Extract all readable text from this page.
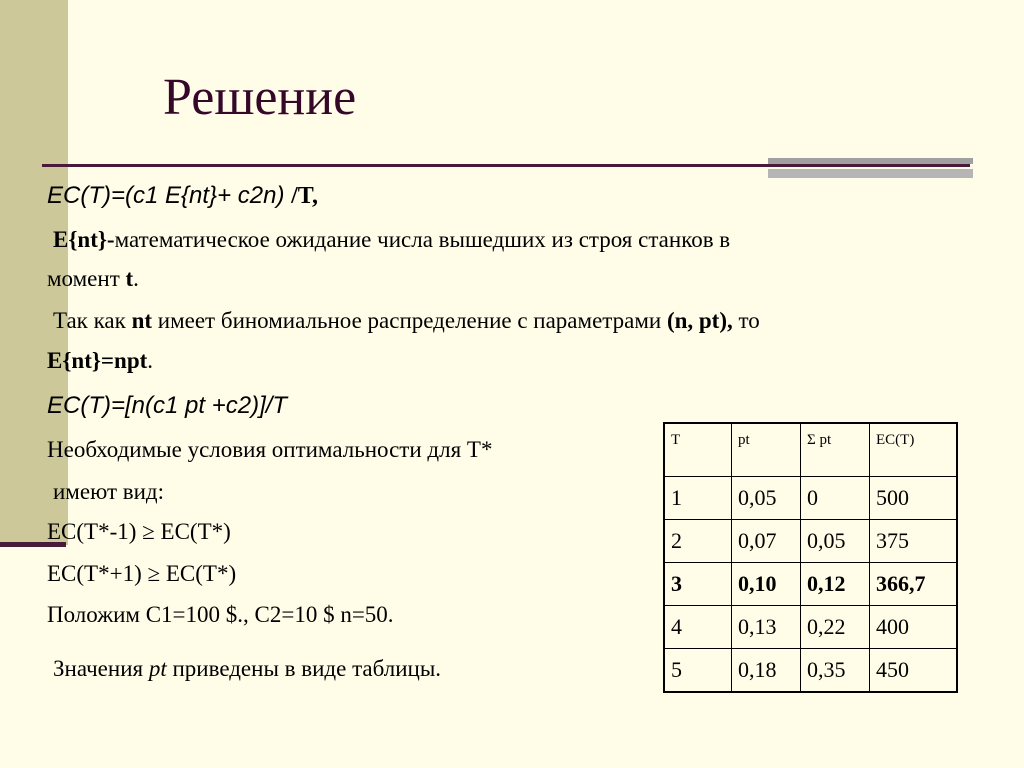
Решение
EC(T)=(c1 E{nt}+ c2n) /T,
E{nt}-математическое ожидание числа вышедших из строя станков в
момент t.
Так как nt имеет биномиальное распределение с параметрами (n, pt), то
E{nt}=npt.
EC(T)=[n(c1 pt +c2)]/T
Необходимые условия оптимальности для T*
имеют вид:
EC(T*-1) ≥ EC(T*)
EC(T*+1) ≥ EC(T*)
Положим C1=100 $., C2=10 $ n=50.
Значения pt приведены в виде таблицы.
T	pt	Σ pt	EC(T)
1	0,05	0	500
2	0,07	0,05	375
3	0,10	0,12	366,7
4	0,13	0,22	400
5	0,18	0,35	450
